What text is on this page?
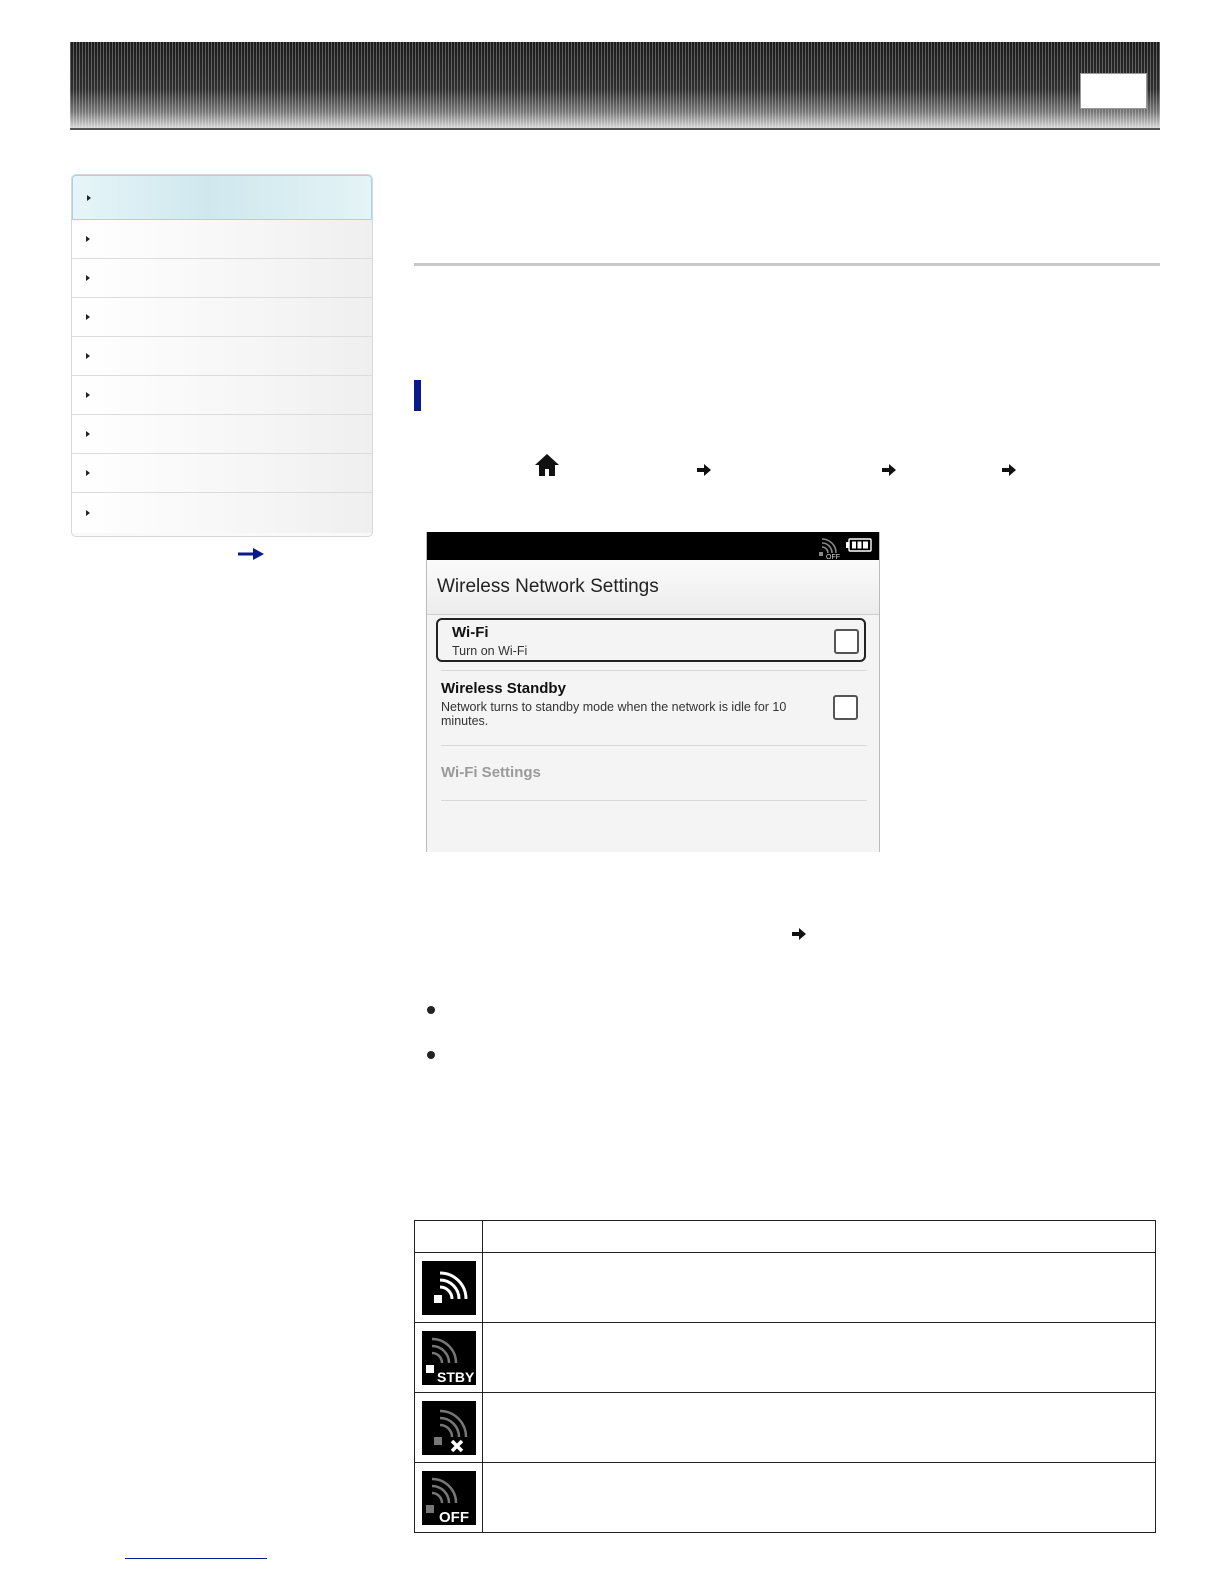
OFF
Wireless Network Settings
Wi-Fi
Turn on Wi-Fi
Wireless Standby
Network turns to standby mode when the network is idle for 10 minutes.
Wi-Fi Settings

STBY	

OFF	
